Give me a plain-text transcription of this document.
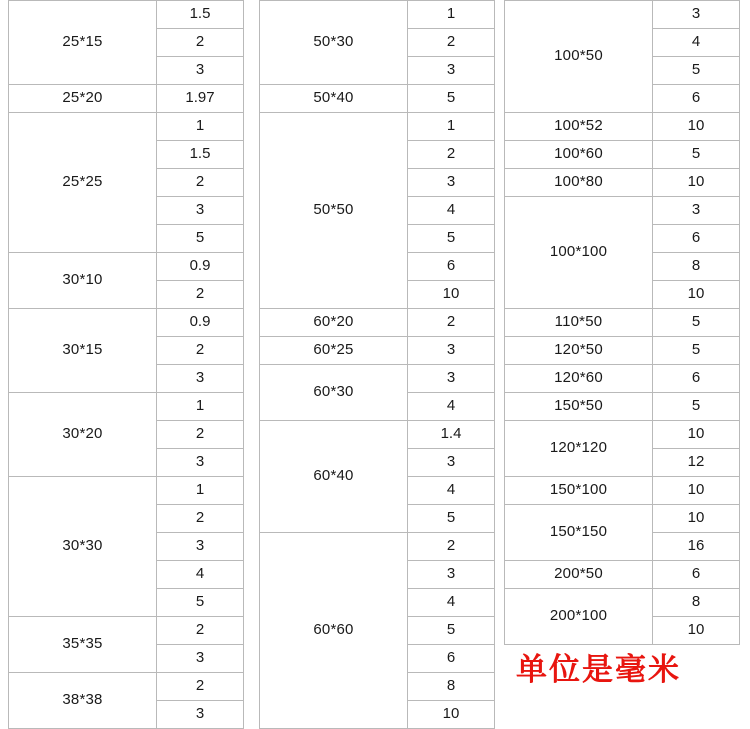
25*15	1.5
	2
	3
25*20	1.97
25*25	1
	1.5
	2
	3
	5
30*10	0.9
	2
30*15	0.9
	2
	3
30*20	1
	2
	3
30*30	1
	2
	3
	4
	5
35*35	2
	3
38*38	2
	3
50*30	1
	2
	3
50*40	5
50*50	1
	2
	3
	4
	5
	6
	10
60*20	2
60*25	3
60*30	3
	4
60*40	1.4
	3
	4
	5
60*60	2
	3
	4
	5
	6
	8
	10
100*50	3
	4
	5
	6
100*52	10
100*60	5
100*80	10
100*100	3
	6
	8
	10
110*50	5
120*50	5
120*60	6
150*50	5
120*120	10
	12
150*100	10
150*150	10
	16
200*50	6
200*100	8
	10
单位是毫米
